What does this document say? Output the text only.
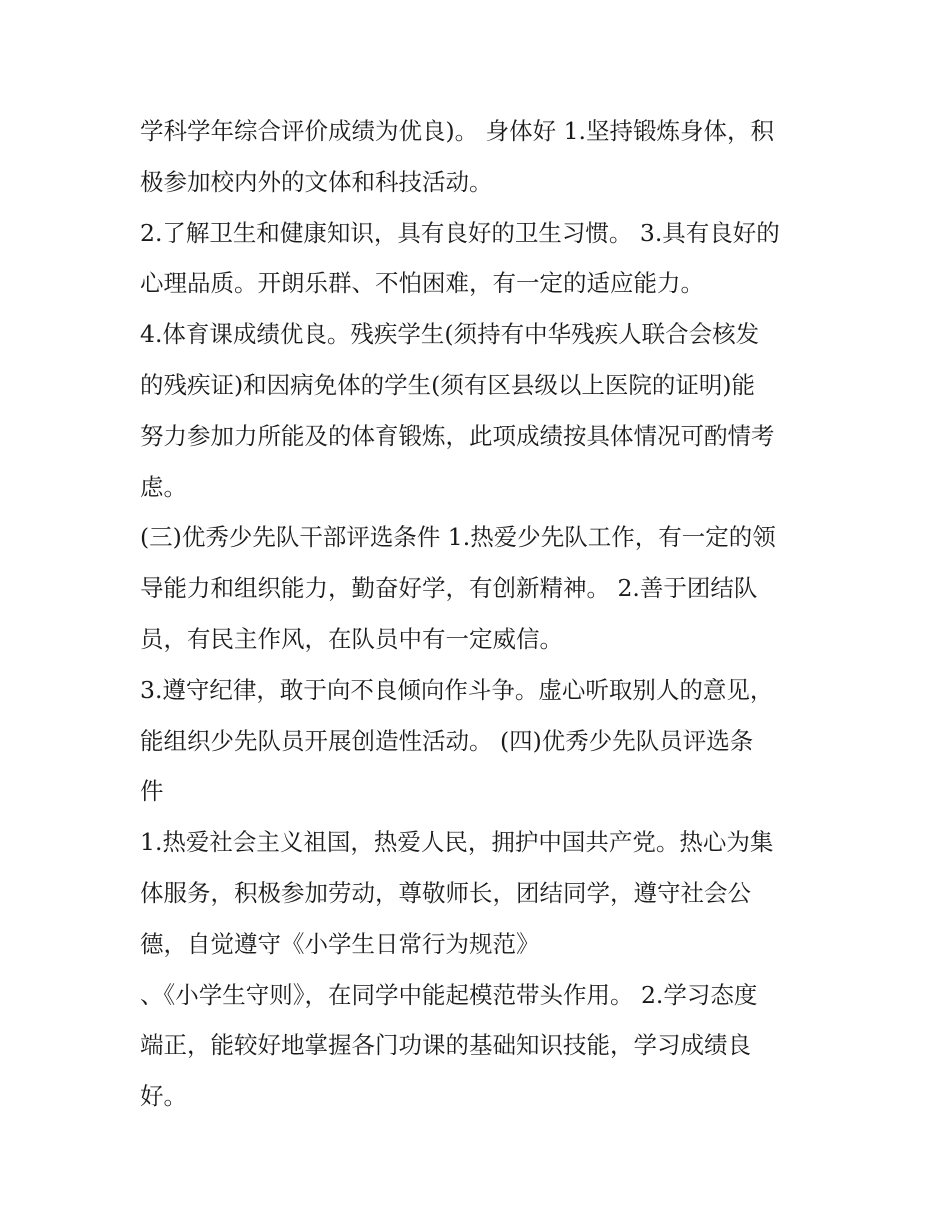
学科学年综合评价成绩为优良)。 身体好 1.坚持锻炼身体，积
极参加校内外的文体和科技活动。
2.了解卫生和健康知识，具有良好的卫生习惯。 3.具有良好的
心理品质。开朗乐群、不怕困难，有一定的适应能力。
4.体育课成绩优良。残疾学生(须持有中华残疾人联合会核发
的残疾证)和因病免体的学生(须有区县级以上医院的证明)能
努力参加力所能及的体育锻炼，此项成绩按具体情况可酌情考
虑。
(三)优秀少先队干部评选条件 1.热爱少先队工作，有一定的领
导能力和组织能力，勤奋好学，有创新精神。 2.善于团结队
员，有民主作风，在队员中有一定威信。
3.遵守纪律，敢于向不良倾向作斗争。虚心听取别人的意见，
能组织少先队员开展创造性活动。 (四)优秀少先队员评选条
件
1.热爱社会主义祖国，热爱人民，拥护中国共产党。热心为集
体服务，积极参加劳动，尊敬师长，团结同学，遵守社会公
德，自觉遵守《小学生日常行为规范》
、《小学生守则》，在同学中能起模范带头作用。 2.学习态度
端正，能较好地掌握各门功课的基础知识技能，学习成绩良
好。
